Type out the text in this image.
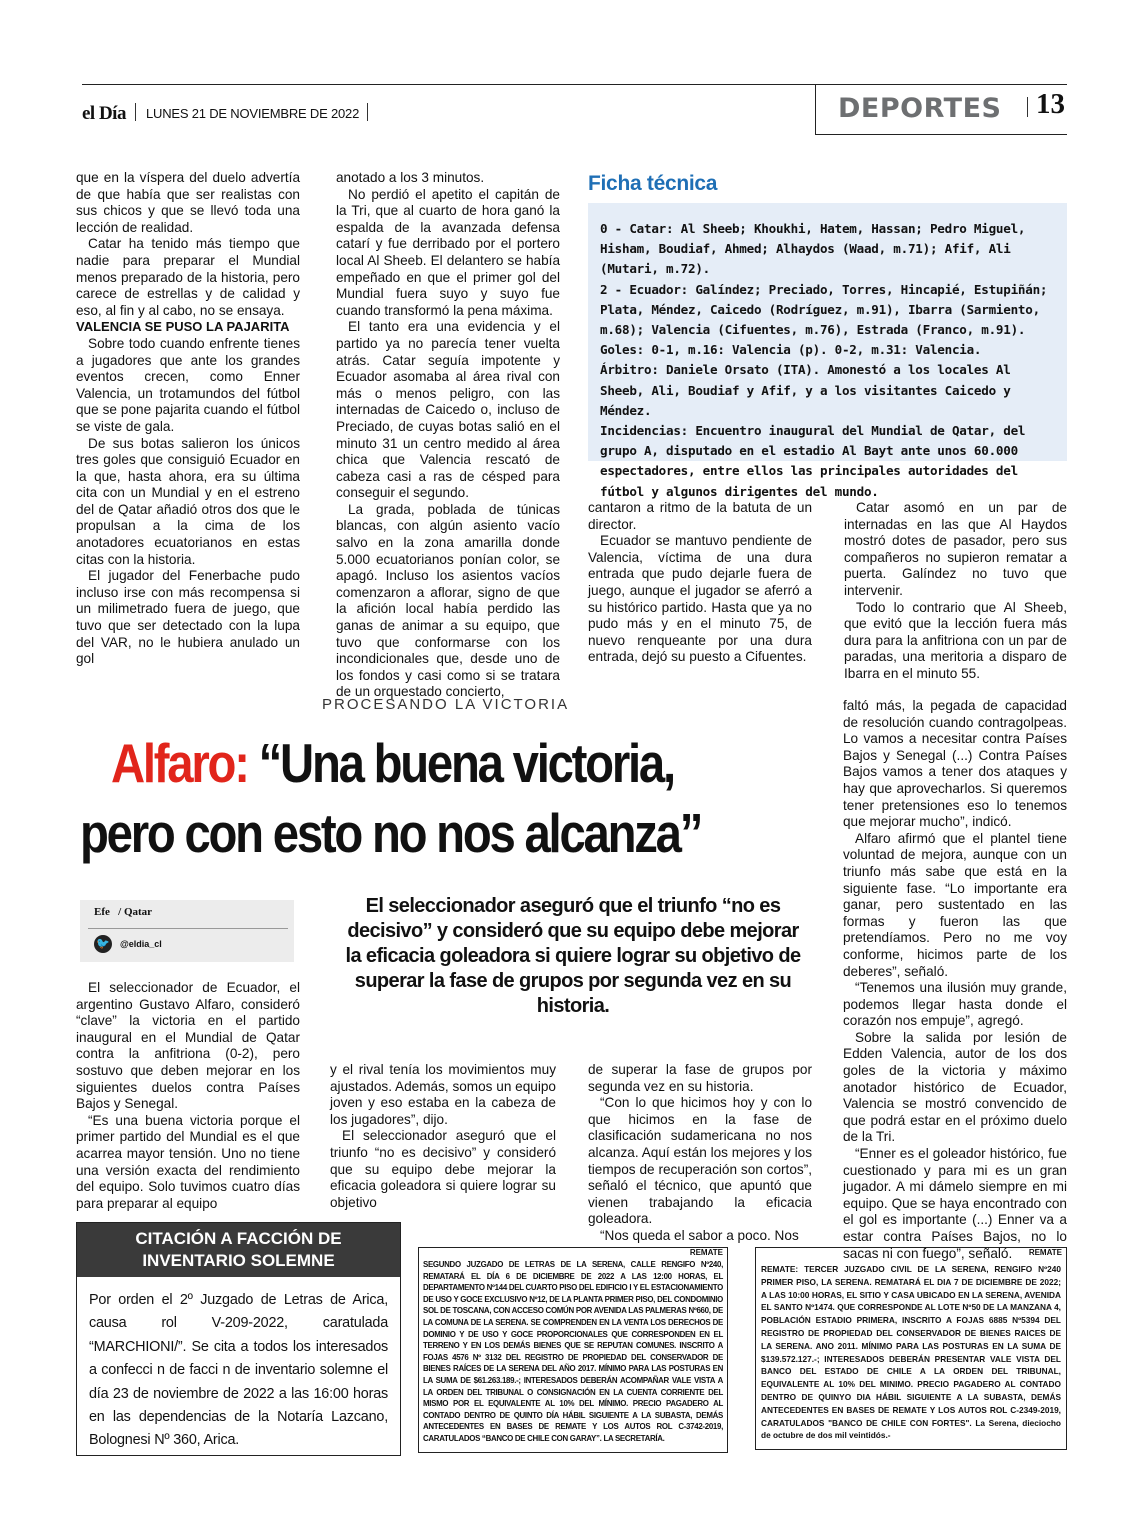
el Día LUNES 21 DE NOVIEMBRE DE 2022	DEPORTES 13

que en la víspera del duelo advertía de que había que ser realistas con sus chicos y que se llevó toda una lección de realidad.

Catar ha tenido más tiempo que nadie para preparar el Mundial menos preparado de la historia, pero carece de estrellas y de calidad y eso, al fin y al cabo, no se ensaya.

VALENCIA SE PUSO LA PAJARITA

Sobre todo cuando enfrente tienes a jugadores que ante los grandes eventos crecen, como Enner Valencia, un trotamundos del fútbol que se pone pajarita cuando el fútbol se viste de gala.

De sus botas salieron los únicos tres goles que consiguió Ecuador en la que, hasta ahora, era su última cita con un Mundial y en el estreno del de Qatar añadió otros dos que le propulsan a la cima de los anotadores ecuatorianos en estas citas con la historia.

El jugador del Fenerbache pudo incluso irse con más recompensa si un milimetrado fuera de juego, que tuvo que ser detectado con la lupa del VAR, no le hubiera anulado un gol

anotado a los 3 minutos.

No perdió el apetito el capitán de la Tri, que al cuarto de hora ganó la espalda de la avanzada defensa catarí y fue derribado por el portero local Al Sheeb. El delantero se había empeñado en que el primer gol del Mundial fuera suyo y suyo fue cuando transformó la pena máxima.

El tanto era una evidencia y el partido ya no parecía tener vuelta atrás. Catar seguía impotente y Ecuador asomaba al área rival con más o menos peligro, con las internadas de Caicedo o, incluso de Preciado, de cuyas botas salió en el minuto 31 un centro medido al área chica que Valencia rescató de cabeza casi a ras de césped para conseguir el segundo.

La grada, poblada de túnicas blancas, con algún asiento vacío salvo en la zona amarilla donde 5.000 ecuatorianos ponían color, se apagó. Incluso los asientos vacíos comenzaron a aflorar, signo de que la afición local había perdido las ganas de animar a su equipo, que tuvo que conformarse con los incondicionales que, desde uno de los fondos y casi como si se tratara de un orquestado concierto,

Ficha técnica

0 - Catar: Al Sheeb; Khoukhi, Hatem, Hassan; Pedro Miguel, Hisham, Boudiaf, Ahmed; Alhaydos (Waad, m.71); Afif, Ali (Mutari, m.72).

2 - Ecuador: Galíndez; Preciado, Torres, Hincapié, Estupiñán; Plata, Méndez, Caicedo (Rodríguez, m.91), Ibarra (Sarmiento, m.68); Valencia (Cifuentes, m.76), Estrada (Franco, m.91).

Goles: 0-1, m.16: Valencia (p). 0-2, m.31: Valencia.

Árbitro: Daniele Orsato (ITA). Amonestó a los locales Al Sheeb, Ali, Boudiaf y Afif, y a los visitantes Caicedo y Méndez.

Incidencias: Encuentro inaugural del Mundial de Qatar, del grupo A, disputado en el estadio Al Bayt ante unos 60.000 espectadores, entre ellos las principales autoridades del fútbol y algunos dirigentes del mundo.

cantaron a ritmo de la batuta de un director.

Ecuador se mantuvo pendiente de Valencia, víctima de una dura entrada que pudo dejarle fuera de juego, aunque el jugador se aferró a su histórico partido. Hasta que ya no pudo más y en el minuto 75, de nuevo renqueante por una dura entrada, dejó su puesto a Cifuentes.

Catar asomó en un par de internadas en las que Al Haydos mostró dotes de pasador, pero sus compañeros no supieron rematar a puerta. Galíndez no tuvo que intervenir.

Todo lo contrario que Al Sheeb, que evitó que la lección fuera más dura para la anfitriona con un par de paradas, una meritoria a disparo de Ibarra en el minuto 55.

PROCESANDO LA VICTORIA
Alfaro: “Una buena victoria,
pero con esto no nos alcanza”
Efe / Qatar
🐦 @eldia_cl
El seleccionador aseguró que el triunfo “no es decisivo” y consideró que su equipo debe mejorar la eficacia goleadora si quiere lograr su objetivo de superar la fase de grupos por segunda vez en su historia.

El seleccionador de Ecuador, el argentino Gustavo Alfaro, consideró “clave” la victoria en el partido inaugural en el Mundial de Qatar contra la anfitriona (0-2), pero sostuvo que deben mejorar en los siguientes duelos contra Países Bajos y Senegal.

“Es una buena victoria porque el primer partido del Mundial es el que acarrea mayor tensión. Uno no tiene una versión exacta del rendimiento del equipo. Solo tuvimos cuatro días para preparar al equipo

y el rival tenía los movimientos muy ajustados. Además, somos un equipo joven y eso estaba en la cabeza de los jugadores”, dijo.

El seleccionador aseguró que el triunfo “no es decisivo” y consideró que su equipo debe mejorar la eficacia goleadora si quiere lograr su objetivo

de superar la fase de grupos por segunda vez en su historia.

“Con lo que hicimos hoy y con lo que hicimos en la fase de clasificación sudamericana no nos alcanza. Aquí están los mejores y los tiempos de recuperación son cortos”, señaló el técnico, que apuntó que vienen trabajando la eficacia goleadora.

“Nos queda el sabor a poco. Nos

faltó más, la pegada de capacidad de resolución cuando contragolpeas. Lo vamos a necesitar contra Países Bajos y Senegal (...) Contra Países Bajos vamos a tener dos ataques y hay que aprovecharlos. Si queremos tener pretensiones eso lo tenemos que mejorar mucho”, indicó.

Alfaro afirmó que el plantel tiene voluntad de mejora, aunque con un triunfo más sabe que está en la siguiente fase. “Lo importante era ganar, pero sustentado en las formas y fueron las que pretendíamos. Pero no me voy conforme, hicimos parte de los deberes”, señaló.

“Tenemos una ilusión muy grande, podemos llegar hasta donde el corazón nos empuje”, agregó.

Sobre la salida por lesión de Edden Valencia, autor de los dos goles de la victoria y máximo anotador histórico de Ecuador, Valencia se mostró convencido de que podrá estar en el próximo duelo de la Tri.

“Enner es el goleador histórico, fue cuestionado y para mi es un gran jugador. A mi dámelo siempre en mi equipo. Que se haya encontrado con el gol es importante (...) Enner va a estar contra Países Bajos, no lo sacas ni con fuego”, señaló.

CITACIÓN A FACCIÓN DE INVENTARIO SOLEMNE
Por orden el 2º Juzgado de Letras de Arica, causa rol V-209-2022, caratulada “MARCHIONI/”. Se cita a todos los interesados a confecci n de facci n de inventario solemne el día 23 de noviembre de 2022 a las 16:00 horas en las dependencias de la Notaría Lazcano, Bolognesi Nº 360, Arica.
REMATE
SEGUNDO JUZGADO DE LETRAS DE LA SERENA, CALLE RENGIFO Nº240, REMATARÁ EL DÍA 6 DE DICIEMBRE DE 2022 A LAS 12:00 HORAS, EL DEPARTAMENTO Nº144 DEL CUARTO PISO DEL EDIFICIO I Y EL ESTACIONAMIENTO DE USO Y GOCE EXCLUSIVO Nº12, DE LA PLANTA PRIMER PISO, DEL CONDOMINIO SOL DE TOSCANA, CON ACCESO COMÚN POR AVENIDA LAS PALMERAS Nº660, DE LA COMUNA DE LA SERENA. SE COMPRENDEN EN LA VENTA LOS DERECHOS DE DOMINIO Y DE USO Y GOCE PROPORCIONALES QUE CORRESPONDEN EN EL TERRENO Y EN LOS DEMÁS BIENES QUE SE REPUTAN COMUNES. INSCRITO A FOJAS 4576 Nº 3132 DEL REGISTRO DE PROPIEDAD DEL CONSERVADOR DE BIENES RAÍCES DE LA SERENA DEL AÑO 2017. MÍNIMO PARA LAS POSTURAS EN LA SUMA DE $61.263.189.-; INTERESADOS DEBERÁN ACOMPAÑAR VALE VISTA A LA ORDEN DEL TRIBUNAL O CONSIGNACIÓN EN LA CUENTA CORRIENTE DEL MISMO POR EL EQUIVALENTE AL 10% DEL MÍNIMO. PRECIO PAGADERO AL CONTADO DENTRO DE QUINTO DÍA HÁBIL SIGUIENTE A LA SUBASTA, DEMÁS ANTECEDENTES EN BASES DE REMATE Y LOS AUTOS ROL C-3742-2019, CARATULADOS “BANCO DE CHILE CON GARAY”. LA SECRETARÍA.
REMATE
REMATE: TERCER JUZGADO CIVIL DE LA SERENA, RENGIFO Nº240 PRIMER PISO, LA SERENA. REMATARÁ EL DIA 7 DE DICIEMBRE DE 2022; A LAS 10:00 HORAS, EL SITIO Y CASA UBICADO EN LA SERENA, AVENIDA EL SANTO Nº1474. QUE CORRESPONDE AL LOTE Nº50 DE LA MANZANA 4, POBLACIÓN ESTADIO PRIMERA, INSCRITO A FOJAS 6885 Nº5394 DEL REGISTRO DE PROPIEDAD DEL CONSERVADOR DE BIENES RAICES DE LA SERENA. ANO 2011. MÍNIMO PARA LAS POSTURAS EN LA SUMA DE $139.572.127.-; INTERESADOS DEBERÁN PRESENTAR VALE VISTA DEL BANCO DEL ESTADO DE CHILE A LA ORDEN DEL TRIBUNAL, EQUIVALENTE AL 10% DEL MINIMO. PRECIO PAGADERO AL CONTADO DENTRO DE QUINYO DIA HÁBIL SIGUIENTE A LA SUBASTA, DEMÁS ANTECEDENTES EN BASES DE REMATE Y LOS AUTOS ROL C-2349-2019, CARATULADOS "BANCO DE CHILE CON FORTES". La Serena, dieciocho de octubre de dos mil veintidós.-
